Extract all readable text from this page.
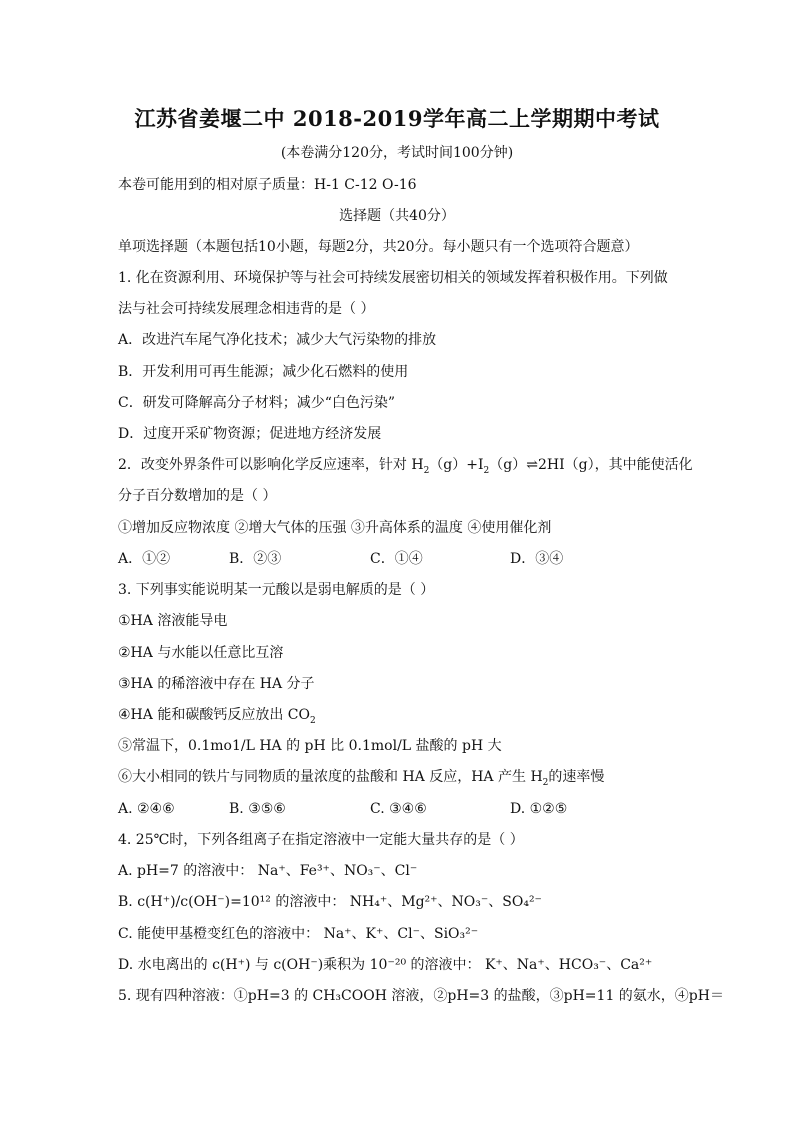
江苏省姜堰二中 2018-2019学年高二上学期期中考试
(本卷满分120分，考试时间100分钟)
本卷可能用到的相对原子质量：H-1 C-12 O-16
选择题（共40分）
单项选择题（本题包括10小题，每题2分，共20分。每小题只有一个选项符合题意）
1. 化在资源利用、环境保护等与社会可持续发展密切相关的领域发挥着积极作用。下列做
法与社会可持续发展理念相违背的是（ ）
A．改进汽车尾气净化技术；减少大气污染物的排放
B．开发利用可再生能源；减少化石燃料的使用
C．研发可降解高分子材料；减少“白色污染”
D．过度开采矿物资源；促进地方经济发展
2．改变外界条件可以影响化学反应速率，针对 $H_2(g)+I_2(g)\rightleftharpoons 2HI(g)$，其中能使活化
分子百分数增加的是（ ）
①增加反应物浓度 ②增大气体的压强 ③升高体系的温度 ④使用催化剂
A．①②	B．②③	C．①④	D．③④
3. 下列事实能说明某一元酸以是弱电解质的是（ ）
①HA 溶液能导电
②HA 与水能以任意比互溶
③HA 的稀溶液中存在 HA 分子
④HA 能和碳酸钙反应放出 $CO_2$
⑤常温下，0.1mo1/L HA 的 pH 比 0.1mol/L 盐酸的 pH 大
⑥大小相同的铁片与同物质的量浓度的盐酸和 HA 反应，HA 产生 $H_2$的速率慢
A. ②④⑥	B. ③⑤⑥	C. ③④⑥	D. ①②⑤
4. 25℃时，下列各组离子在指定溶液中一定能大量共存的是（ ）
A. pH=7 的溶液中： Na⁺、Fe³⁺、NO₃⁻、Cl⁻
B. c(H⁺)/c(OH⁻)=10¹² 的溶液中： NH₄⁺、Mg²⁺、NO₃⁻、SO₄²⁻
C. 能使甲基橙变红色的溶液中： Na⁺、K⁺、Cl⁻、SiO₃²⁻
D. 水电离出的 c(H⁺) 与 c(OH⁻)乘积为 10⁻²⁰ 的溶液中： K⁺、Na⁺、HCO₃⁻、Ca²⁺
5. 现有四种溶液：①pH=3 的 CH₃COOH 溶液，②pH=3 的盐酸，③pH=11 的氨水，④pH＝
